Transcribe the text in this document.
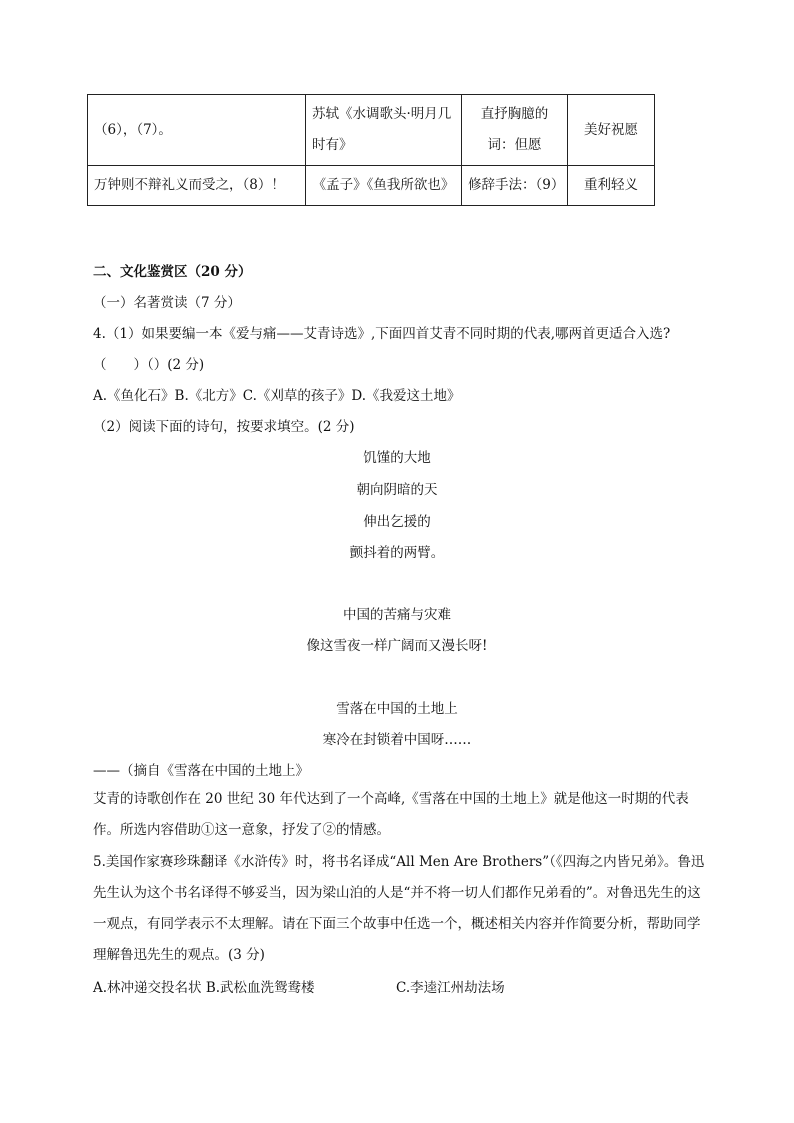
（6），（7）。	苏轼《水调歌头·明月几时有》	直抒胸臆的词：但愿	美好祝愿
万钟则不辩礼义而受之，（8）！	《孟子》《鱼我所欲也》	修辞手法：（9）	重利轻义
二、文化鉴赏区（20 分）
（一）名著赏读（7 分）
4.（1）如果要编一本《爱与痛——艾青诗选》,下面四首艾青不同时期的代表,哪两首更适合入选?
（　　）（）(2 分)
A.《鱼化石》B.《北方》C.《刈草的孩子》D.《我爱这土地》
（2）阅读下面的诗句，按要求填空。(2 分)
饥馑的大地
朝向阴暗的天
伸出乞援的
颤抖着的两臂。
中国的苦痛与灾难
像这雪夜一样广阔而又漫长呀!
雪落在中国的土地上
寒冷在封锁着中国呀……
——（摘自《雪落在中国的土地上》
艾青的诗歌创作在 20 世纪 30 年代达到了一个高峰,《雪落在中国的土地上》就是他这一时期的代表作。所选内容借助①这一意象，抒发了②的情感。
5.美国作家赛珍珠翻译《水浒传》时，将书名译成“All Men Are Brothers”（《四海之内皆兄弟》。鲁迅先生认为这个书名译得不够妥当，因为梁山泊的人是“并不将一切人们都作兄弟看的”。对鲁迅先生的这一观点，有同学表示不太理解。请在下面三个故事中任选一个，概述相关内容并作简要分析，帮助同学理解鲁迅先生的观点。(3 分)
A.林冲递交投名状 B.武松血洗鸳鸯楼	C.李逵江州劫法场
